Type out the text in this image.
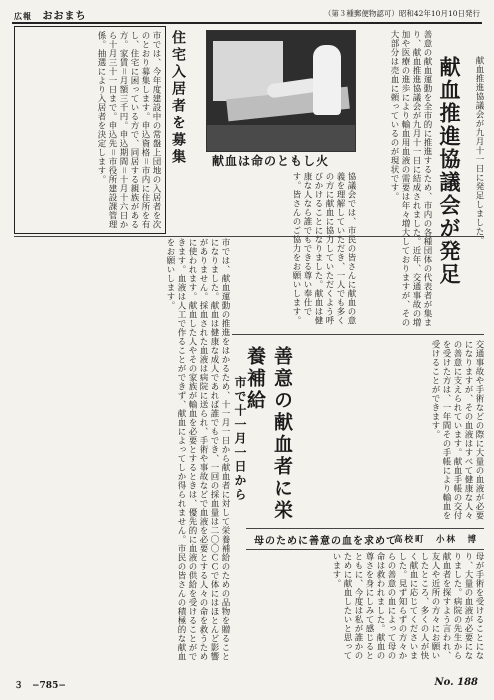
広報 おおまち	（第３種郵便物認可）昭和42年10月10日発行
市では、今年度建設中の常盤上団地の入居者を次のとおり募集します。申込資格＝市内に住所を有し、住宅に困っている方で、同居する親族がある方。家賃＝月額三千円。申込期間＝十月十六日から十月三十一日まで。申込先＝市役所建設課管理係。抽選により入居者を決定します。	住宅入居者を募集 献血は命のともし火	献血推進協議会が発足	献血推進協議会が九月十一日に発足しました。
善意の献血運動を全市的に推進するため、市内の各種団体の代表者が集まり、献血推進協議会が九月十一日に結成されました。近年、交通事故の増加や医療の進歩により輸血用血液の需要は年々増大しておりますが、その大部分は売血に頼っているのが現状です。
協議会では、市民の皆さんに献血の意義を理解していただき、一人でも多くの方に献血に協力していただくよう呼びかけることになりました。献血は健康な人なら誰でもできる尊い奉仕です。皆さんのご協力をお願いします。
市では、献血運動の推進をはかるため、十一月一日から献血者に対して栄養補給のための品物を贈ることになりました。献血は健康な成人であれば誰でもでき、一回の採血量は二〇〇ＣＣで体にはほとんど影響がありません。採血された血液は病院に送られ、手術や事故などで血液を必要とする人々の命を救うために使われます。献血した人やその家族が輸血を必要とするときは、優先的に血液の供給を受けることができます。血液は人工で作ることができず、献血によってしか得られません。市民の皆さんの積極的な献血をお願いします。
善意の献血者に栄養補給
市で十一月一日から	交通事故や手術などの際に大量の血液が必要になりますが、その血液はすべて健康な人々の善意に支えられています。献血手帳の交付を受けた方は、一年間その手帳により輸血を受けることができます。
母のために善意の血を求めて
高校町　 小林　博
母が手術を受けることになり、大量の血液が必要になりました。病院の先生から献血者を探すよう言われ、友人や近所の方々にお願いしたところ、多くの人が快く献血に応じてくださいました。見ず知らずの方々からの善意の血によって母の命は救われました。献血の尊さを身にしみて感じるとともに、今度は私が誰かのために献血したいと思っています。
３　−785−	No. 188
